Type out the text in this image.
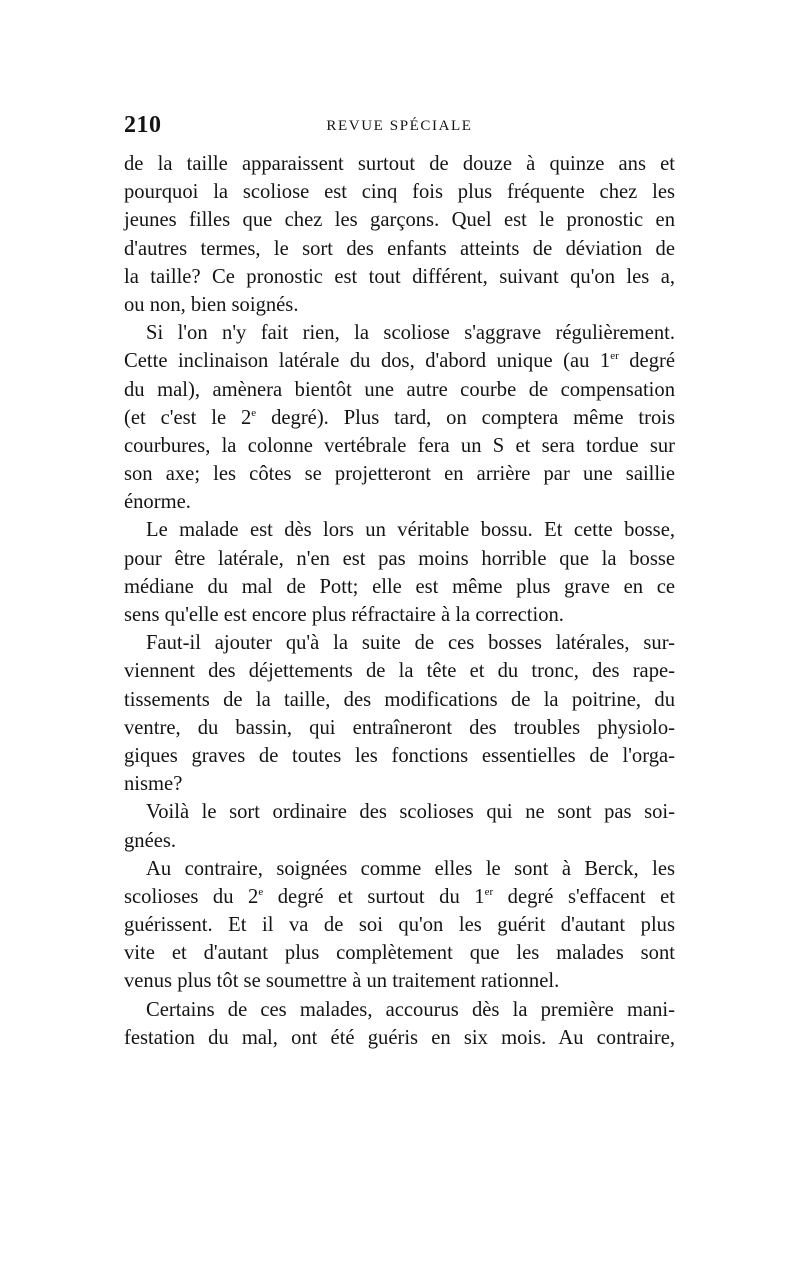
210	REVUE SPÉCIALE
de la taille apparaissent surtout de douze à quinze ans et
pourquoi la scoliose est cinq fois plus fréquente chez les
jeunes filles que chez les garçons. Quel est le pronostic en
d'autres termes, le sort des enfants atteints de déviation de
la taille? Ce pronostic est tout différent, suivant qu'on les a,
ou non, bien soignés.
Si l'on n'y fait rien, la scoliose s'aggrave régulièrement.
Cette inclinaison latérale du dos, d'abord unique (au 1er degré
du mal), amènera bientôt une autre courbe de compensation
(et c'est le 2e degré). Plus tard, on comptera même trois
courbures, la colonne vertébrale fera un S et sera tordue sur
son axe; les côtes se projetteront en arrière par une saillie
énorme.
Le malade est dès lors un véritable bossu. Et cette bosse,
pour être latérale, n'en est pas moins horrible que la bosse
médiane du mal de Pott; elle est même plus grave en ce
sens qu'elle est encore plus réfractaire à la correction.
Faut-il ajouter qu'à la suite de ces bosses latérales, sur-
viennent des déjettements de la tête et du tronc, des rape-
tissements de la taille, des modifications de la poitrine, du
ventre, du bassin, qui entraîneront des troubles physiolo-
giques graves de toutes les fonctions essentielles de l'orga-
nisme?
Voilà le sort ordinaire des scolioses qui ne sont pas soi-
gnées.
Au contraire, soignées comme elles le sont à Berck, les
scolioses du 2e degré et surtout du 1er degré s'effacent et
guérissent. Et il va de soi qu'on les guérit d'autant plus
vite et d'autant plus complètement que les malades sont
venus plus tôt se soumettre à un traitement rationnel.
Certains de ces malades, accourus dès la première mani-
festation du mal, ont été guéris en six mois. Au contraire,
